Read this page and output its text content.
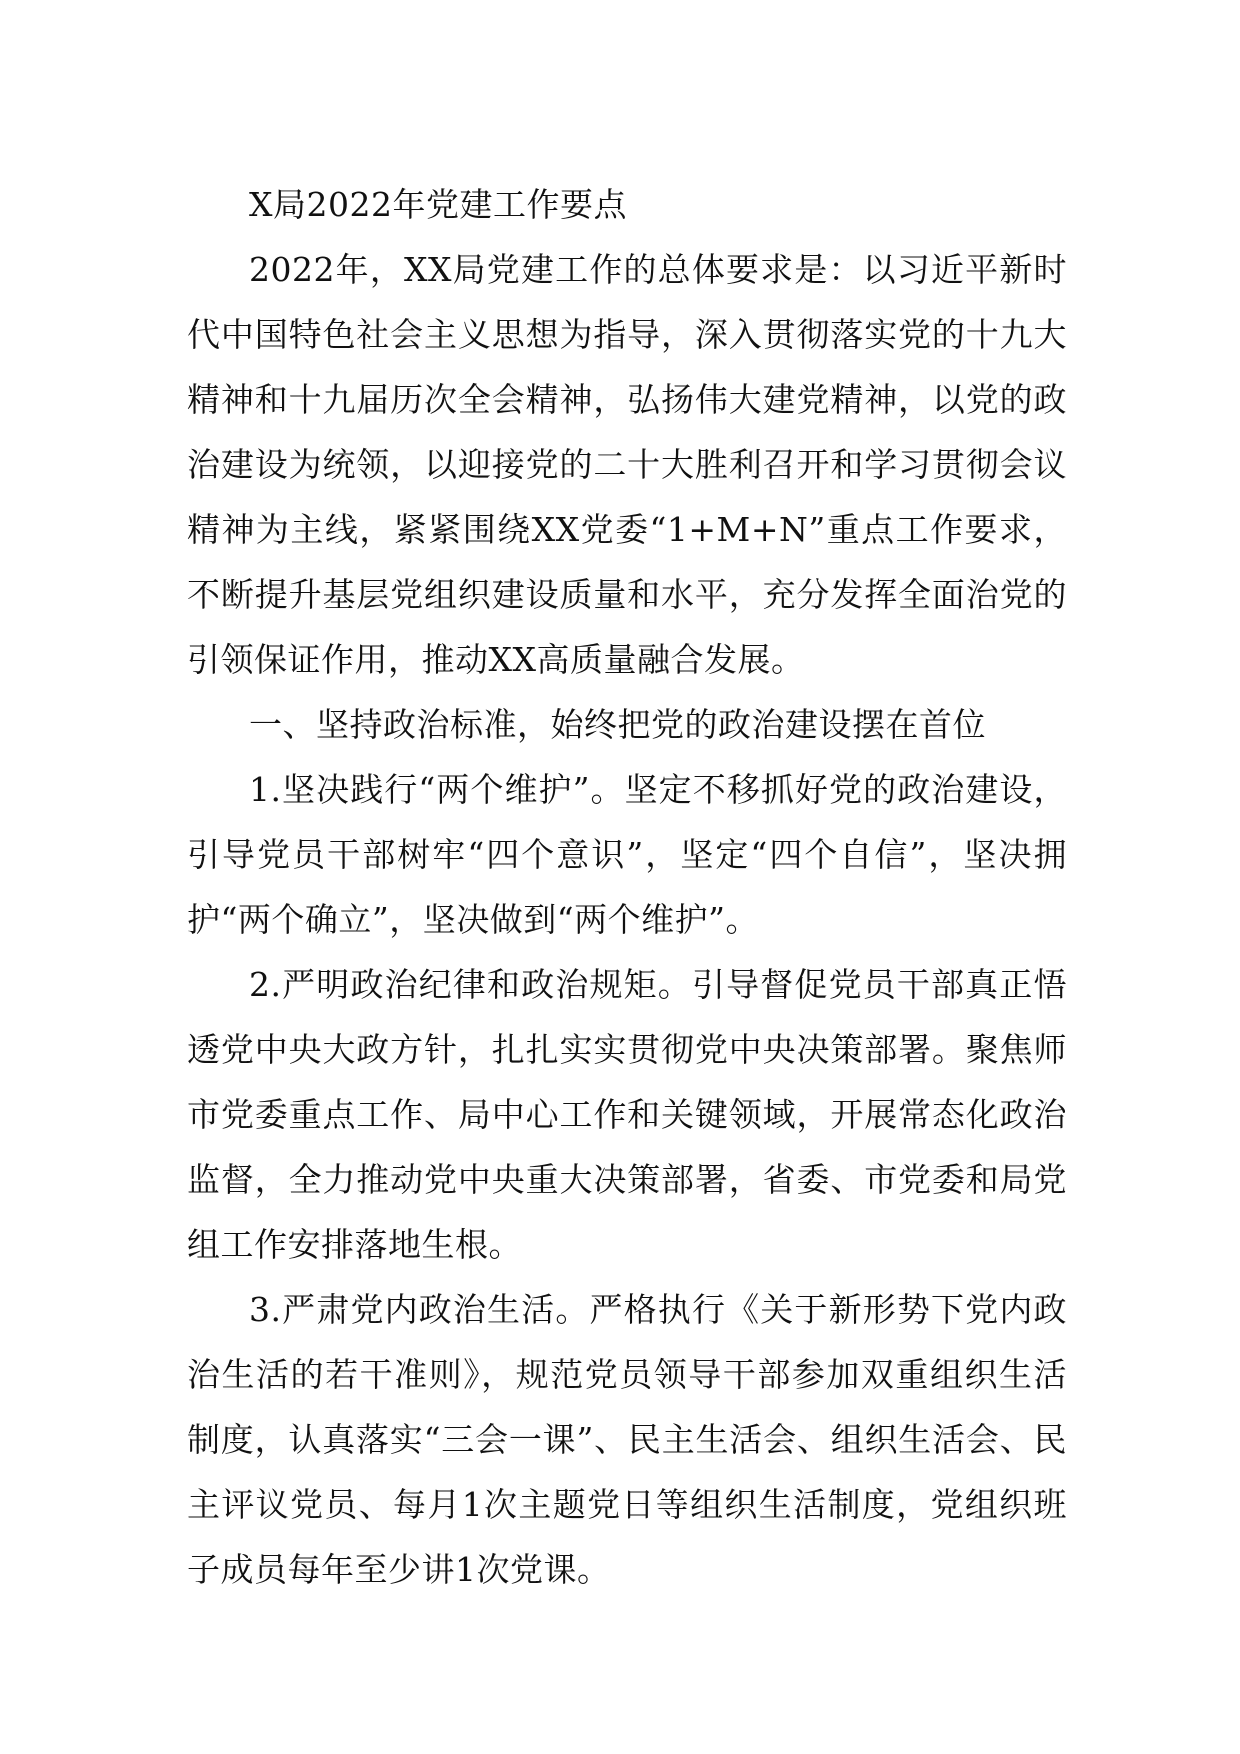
X局2022年党建工作要点

2022年，XX局党建工作的总体要求是：以习近平新时代中国特色社会主义思想为指导，深入贯彻落实党的十九大精神和十九届历次全会精神，弘扬伟大建党精神，以党的政治建设为统领，以迎接党的二十大胜利召开和学习贯彻会议精神为主线，紧紧围绕XX党委“1+M+N”重点工作要求，不断提升基层党组织建设质量和水平，充分发挥全面治党的引领保证作用，推动XX高质量融合发展。

一、坚持政治标准，始终把党的政治建设摆在首位

1.坚决践行“两个维护”。坚定不移抓好党的政治建设，引导党员干部树牢“四个意识”，坚定“四个自信”，坚决拥护“两个确立”，坚决做到“两个维护”。

2.严明政治纪律和政治规矩。引导督促党员干部真正悟透党中央大政方针，扎扎实实贯彻党中央决策部署。聚焦师市党委重点工作、局中心工作和关键领域，开展常态化政治监督，全力推动党中央重大决策部署，省委、市党委和局党组工作安排落地生根。

3.严肃党内政治生活。严格执行《关于新形势下党内政治生活的若干准则》，规范党员领导干部参加双重组织生活制度，认真落实“三会一课”、民主生活会、组织生活会、民主评议党员、每月1次主题党日等组织生活制度，党组织班子成员每年至少讲1次党课。
